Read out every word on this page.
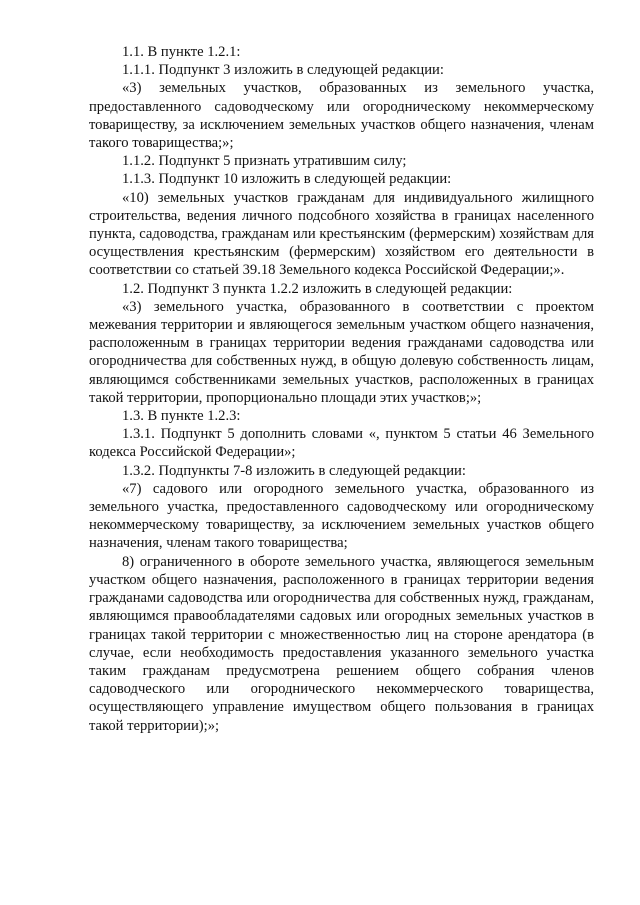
1.1. В пункте 1.2.1:

1.1.1. Подпункт 3 изложить в следующей редакции:

«3) земельных участков, образованных из земельного участка, предоставленного садоводческому или огородническому некоммерческому товариществу, за исключением земельных участков общего назначения, членам такого товарищества;»;

1.1.2. Подпункт 5 признать утратившим силу;

1.1.3. Подпункт 10 изложить в следующей редакции:

«10) земельных участков гражданам для индивидуального жилищного строительства, ведения личного подсобного хозяйства в границах населенного пункта, садоводства, гражданам или крестьянским (фермерским) хозяйствам для осуществления крестьянским (фермерским) хозяйством его деятельности в соответствии со статьей 39.18 Земельного кодекса Российской Федерации;».

1.2. Подпункт 3 пункта 1.2.2 изложить в следующей редакции:

«3) земельного участка, образованного в соответствии с проектом межевания территории и являющегося земельным участком общего назначения, расположенным в границах территории ведения гражданами садоводства или огородничества для собственных нужд, в общую долевую собственность лицам, являющимся собственниками земельных участков, расположенных в границах такой территории, пропорционально площади этих участков;»;

1.3. В пункте 1.2.3:

1.3.1. Подпункт 5 дополнить словами «, пунктом 5 статьи 46 Земельного кодекса Российской Федерации»;

1.3.2. Подпункты 7-8 изложить в следующей редакции:

«7) садового или огородного земельного участка, образованного из земельного участка, предоставленного садоводческому или огородническому некоммерческому товариществу, за исключением земельных участков общего назначения, членам такого товарищества;

8) ограниченного в обороте земельного участка, являющегося земельным участком общего назначения, расположенного в границах территории ведения гражданами садоводства или огородничества для собственных нужд, гражданам, являющимся правообладателями садовых или огородных земельных участков в границах такой территории с множественностью лиц на стороне арендатора (в случае, если необходимость предоставления указанного земельного участка таким гражданам предусмотрена решением общего собрания членов садоводческого или огороднического некоммерческого товарищества, осуществляющего управление имуществом общего пользования в границах такой территории);»;
